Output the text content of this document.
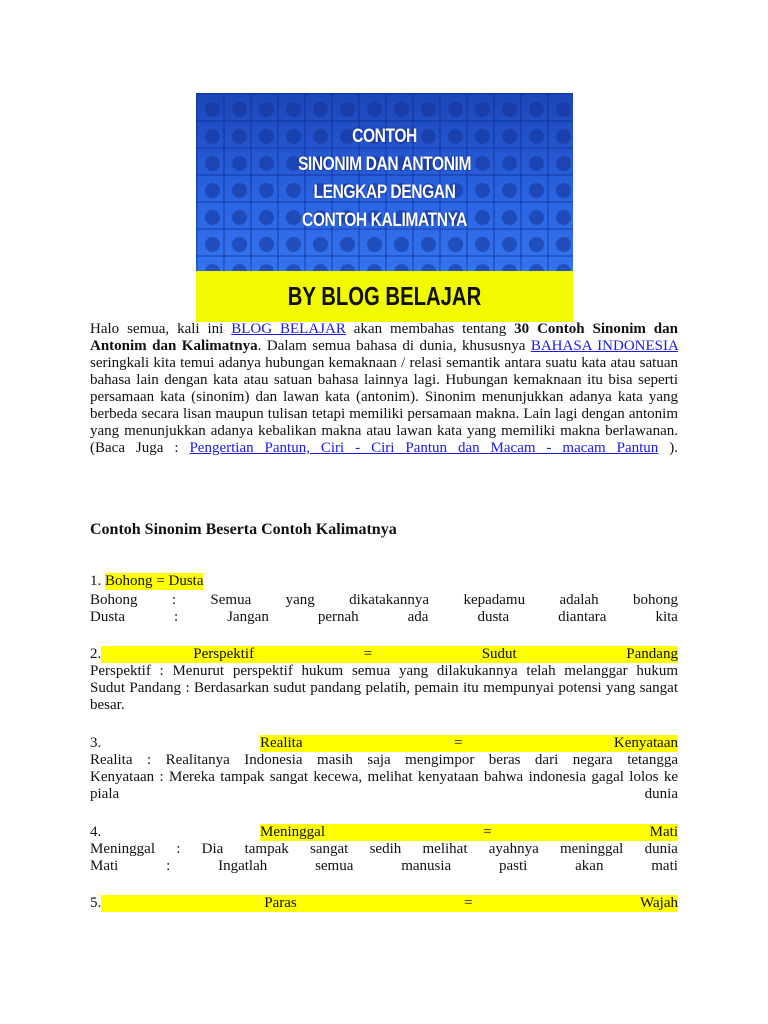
CONTOH
SINONIM DAN ANTONIM
LENGKAP DENGAN
CONTOH KALIMATNYA
BY BLOG BELAJAR

Halo semua, kali ini BLOG BELAJAR akan membahas tentang 30 Contoh Sinonim dan Antonim dan Kalimatnya. Dalam semua bahasa di dunia, khususnya BAHASA INDONESIA seringkali kita temui adanya hubungan kemaknaan / relasi semantik antara suatu kata atau satuan bahasa lain dengan kata atau satuan bahasa lainnya lagi. Hubungan kemaknaan itu bisa seperti persamaan kata (sinonim) dan lawan kata (antonim). Sinonim menunjukkan adanya kata yang berbeda secara lisan maupun tulisan tetapi memiliki persamaan makna. Lain lagi dengan antonim yang menunjukkan adanya kebalikan makna atau lawan kata yang memiliki makna berlawanan. (Baca Juga : Pengertian Pantun, Ciri - Ciri Pantun dan Macam - macam Pantun ).

Contoh Sinonim Beserta Contoh Kalimatnya
1.
Bohong = Dusta
Bohong : Semua yang dikatakannya kepadamu adalah bohong
Dusta	:	Jangan	pernah	ada	dusta	diantara	kita
2.	Perspektif	=	Sudut	Pandang
Perspektif : Menurut perspektif hukum semua yang dilakukannya telah melanggar hukum
Sudut Pandang : Berdasarkan sudut pandang pelatih, pemain itu mempunyai potensi yang sangat
besar.
3.	Realita	=	Kenyataan
Realita : Realitanya Indonesia masih saja mengimpor beras dari negara tetangga
Kenyataan : Mereka tampak sangat kecewa, melihat kenyataan bahwa indonesia gagal lolos ke
piala	dunia
4.	Meninggal	=	Mati
Meninggal : Dia tampak sangat sedih melihat ayahnya meninggal dunia
Mati	:	Ingatlah	semua	manusia	pasti	akan	mati
5.	Paras	=	Wajah
